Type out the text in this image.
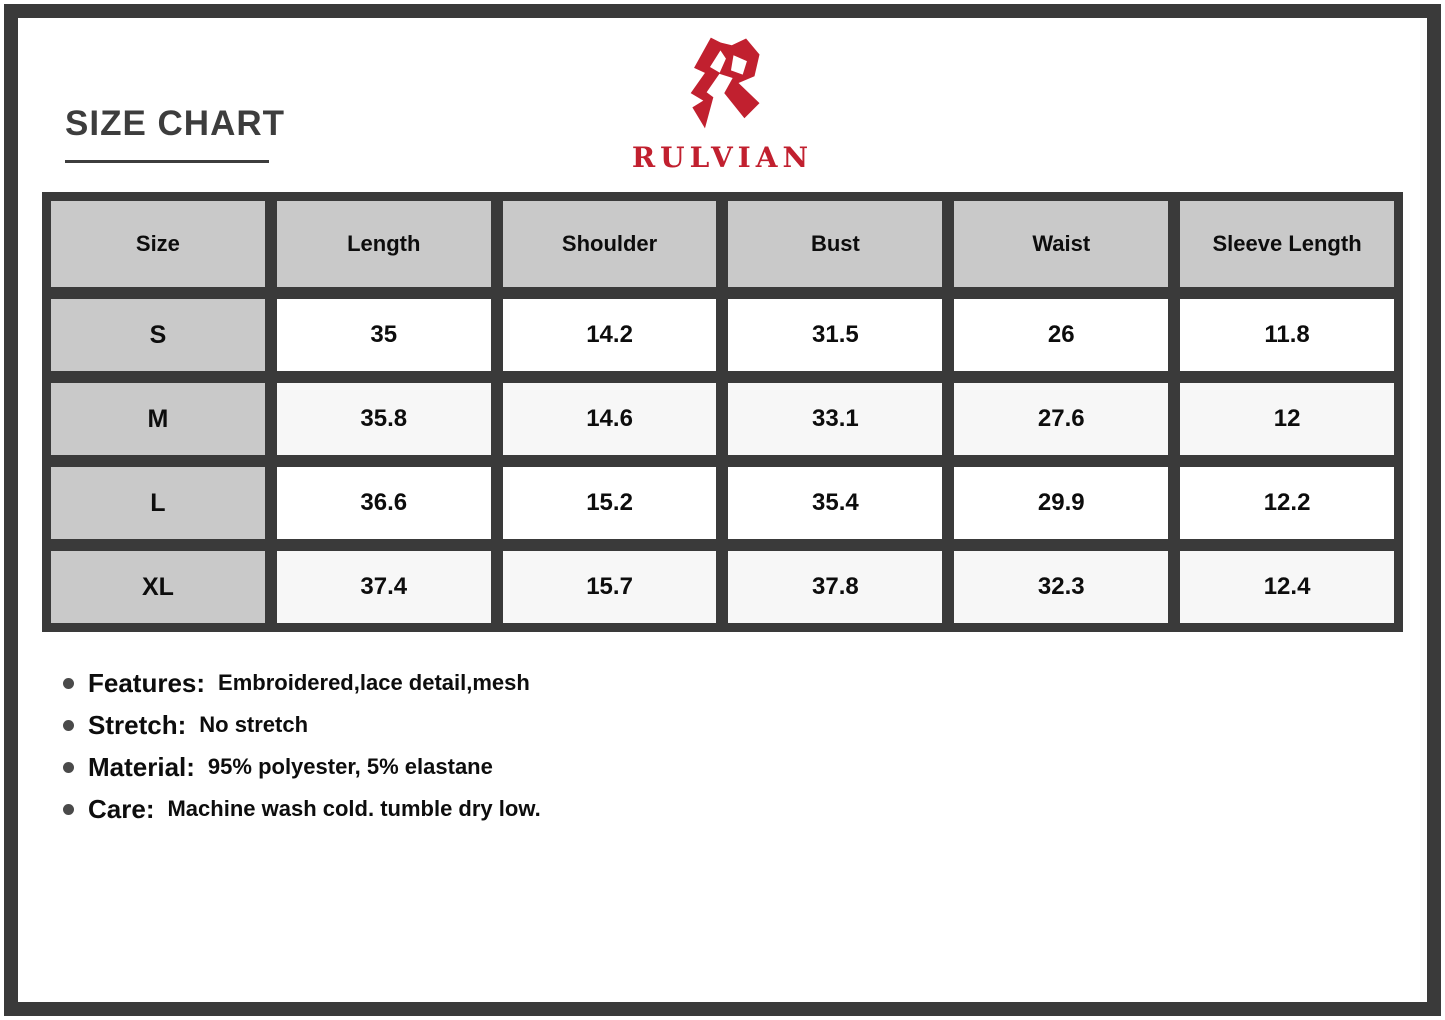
SIZE CHART
RULVIAN
Size	Length	Shoulder	Bust	Waist	Sleeve Length
S	35	14.2	31.5	26	11.8
M	35.8	14.6	33.1	27.6	12
L	36.6	15.2	35.4	29.9	12.2
XL	37.4	15.7	37.8	32.3	12.4
Features: Embroidered,lace detail,mesh
Stretch: No stretch
Material: 95% polyester, 5% elastane
Care: Machine wash cold. tumble dry low.
